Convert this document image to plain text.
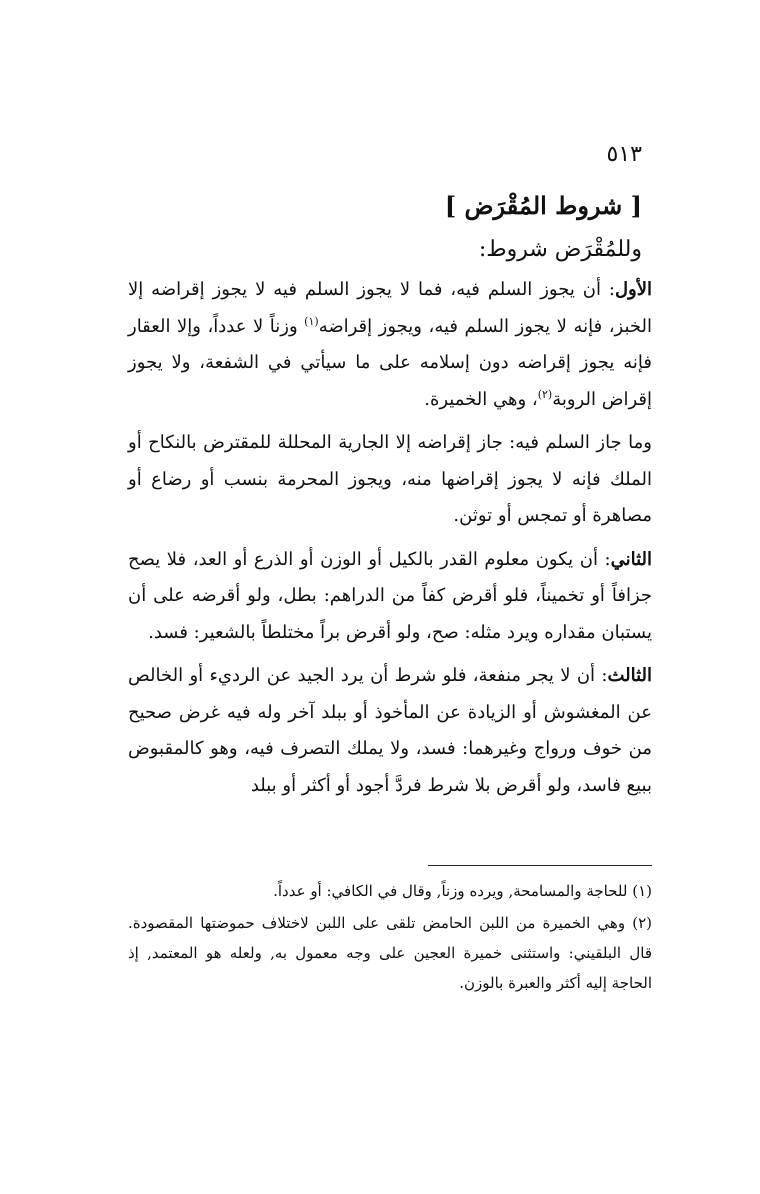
٥١٣
[ شروط المُقْرَض ]
وللمُقْرَض شروط:

الأول: أن يجوز السلم فيه، فما لا يجوز السلم فيه لا يجوز إقراضه إلا الخبز، فإنه لا يجوز السلم فيه، ويجوز إقراضه$^{(١)}$ وزناً لا عدداً، وإلا العقار فإنه يجوز إقراضه دون إسلامه على ما سيأتي في الشفعة، ولا يجوز إقراض الروبة$^{(٢)}$، وهي الخميرة.

وما جاز السلم فيه: جاز إقراضه إلا الجارية المحللة للمقترض بالنكاح أو الملك فإنه لا يجوز إقراضها منه، ويجوز المحرمة بنسب أو رضاع أو مصاهرة أو تمجس أو توثن.

الثاني: أن يكون معلوم القدر بالكيل أو الوزن أو الذرع أو العد، فلا يصح جزافاً أو تخميناً، فلو أقرض كفاً من الدراهم: بطل، ولو أقرضه على أن يستبان مقداره ويرد مثله: صح، ولو أقرض براً مختلطاً بالشعير: فسد.

الثالث: أن لا يجر منفعة، فلو شرط أن يرد الجيد عن الرديء أو الخالص عن المغشوش أو الزيادة عن المأخوذ أو ببلد آخر وله فيه غرض صحيح من خوف ورواج وغيرهما: فسد، ولا يملك التصرف فيه، وهو كالمقبوض ببيع فاسد، ولو أقرض بلا شرط فردَّ أجود أو أكثر أو ببلد

(١) للحاجة والمسامحة, ويرده وزناً, وقال في الكافي: أو عدداً.

(٢) وهي الخميرة من اللبن الحامض تلقى على اللبن لاختلاف حموضتها المقصودة. قال البلقيني: واستثنى خميرة العجين على وجه معمول به, ولعله هو المعتمد, إذ الحاجة إليه أكثر والعبرة بالوزن.
